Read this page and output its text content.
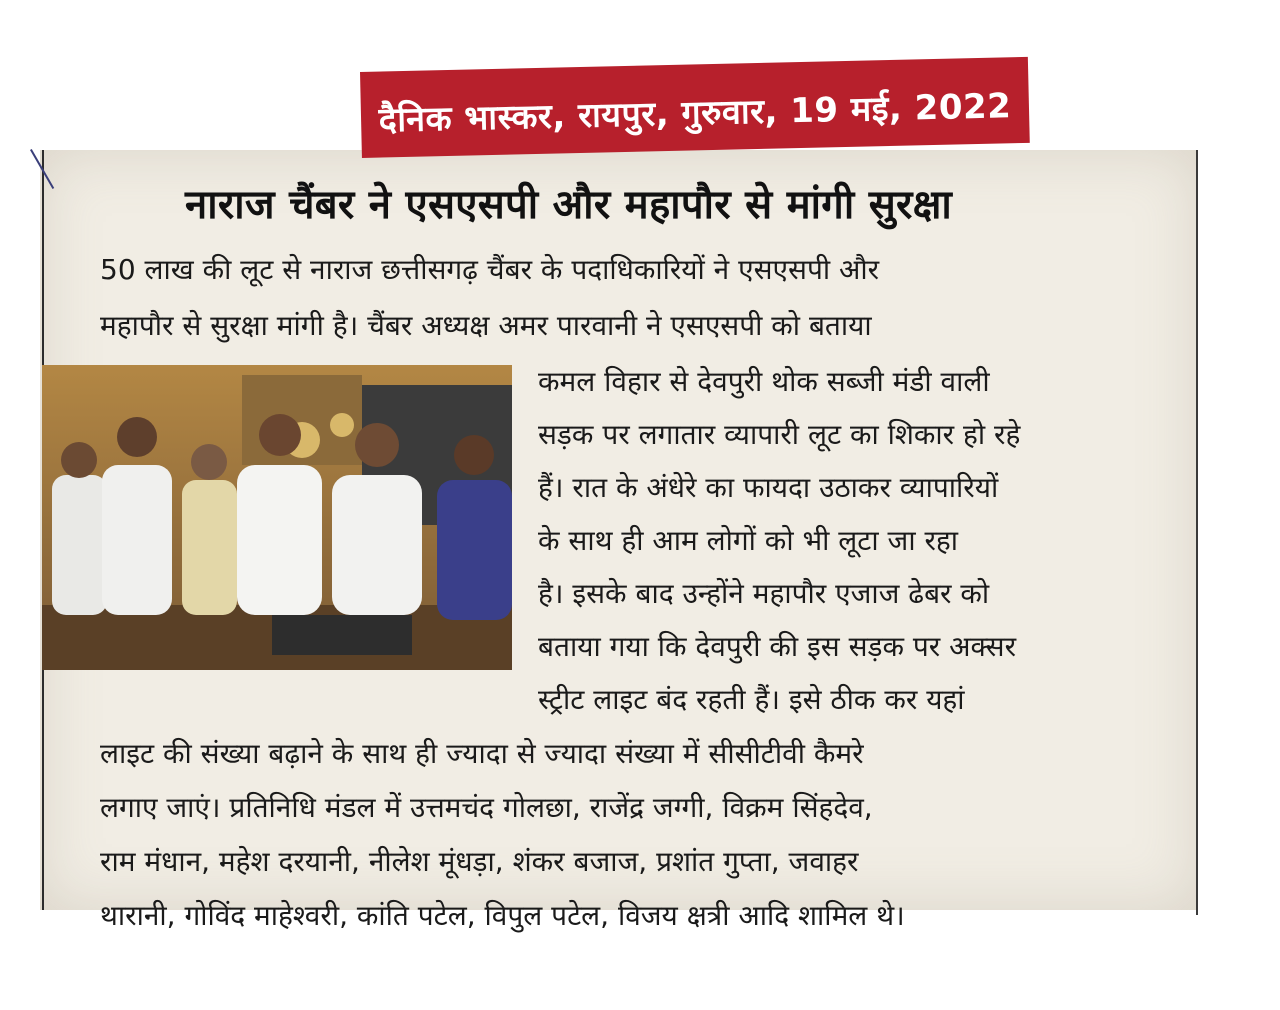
दैनिक भास्कर, रायपुर, गुरुवार, 19 मई, 2022
नाराज चैंबर ने एसएसपी और महापौर से मांगी सुरक्षा
50 लाख की लूट से नाराज छत्तीसगढ़ चैंबर के पदाधिकारियों ने एसएसपी और
महापौर से सुरक्षा मांगी है। चैंबर अध्यक्ष अमर पारवानी ने एसएसपी को बताया
कमल विहार से देवपुरी थोक सब्जी मंडी वाली
सड़क पर लगातार व्यापारी लूट का शिकार हो रहे
हैं। रात के अंधेरे का फायदा उठाकर व्यापारियों
के साथ ही आम लोगों को भी लूटा जा रहा
है। इसके बाद उन्होंने महापौर एजाज ढेबर को
बताया गया कि देवपुरी की इस सड़क पर अक्सर
स्ट्रीट लाइट बंद रहती हैं। इसे ठीक कर यहां
लाइट की संख्या बढ़ाने के साथ ही ज्यादा से ज्यादा संख्या में सीसीटीवी कैमरे
लगाए जाएं। प्रतिनिधि मंडल में उत्तमचंद गोलछा, राजेंद्र जग्गी, विक्रम सिंहदेव,
राम मंधान, महेश दरयानी, नीलेश मूंधड़ा, शंकर बजाज, प्रशांत गुप्ता, जवाहर
थारानी, गोविंद माहेश्वरी, कांति पटेल, विपुल पटेल, विजय क्षत्री आदि शामिल थे।
